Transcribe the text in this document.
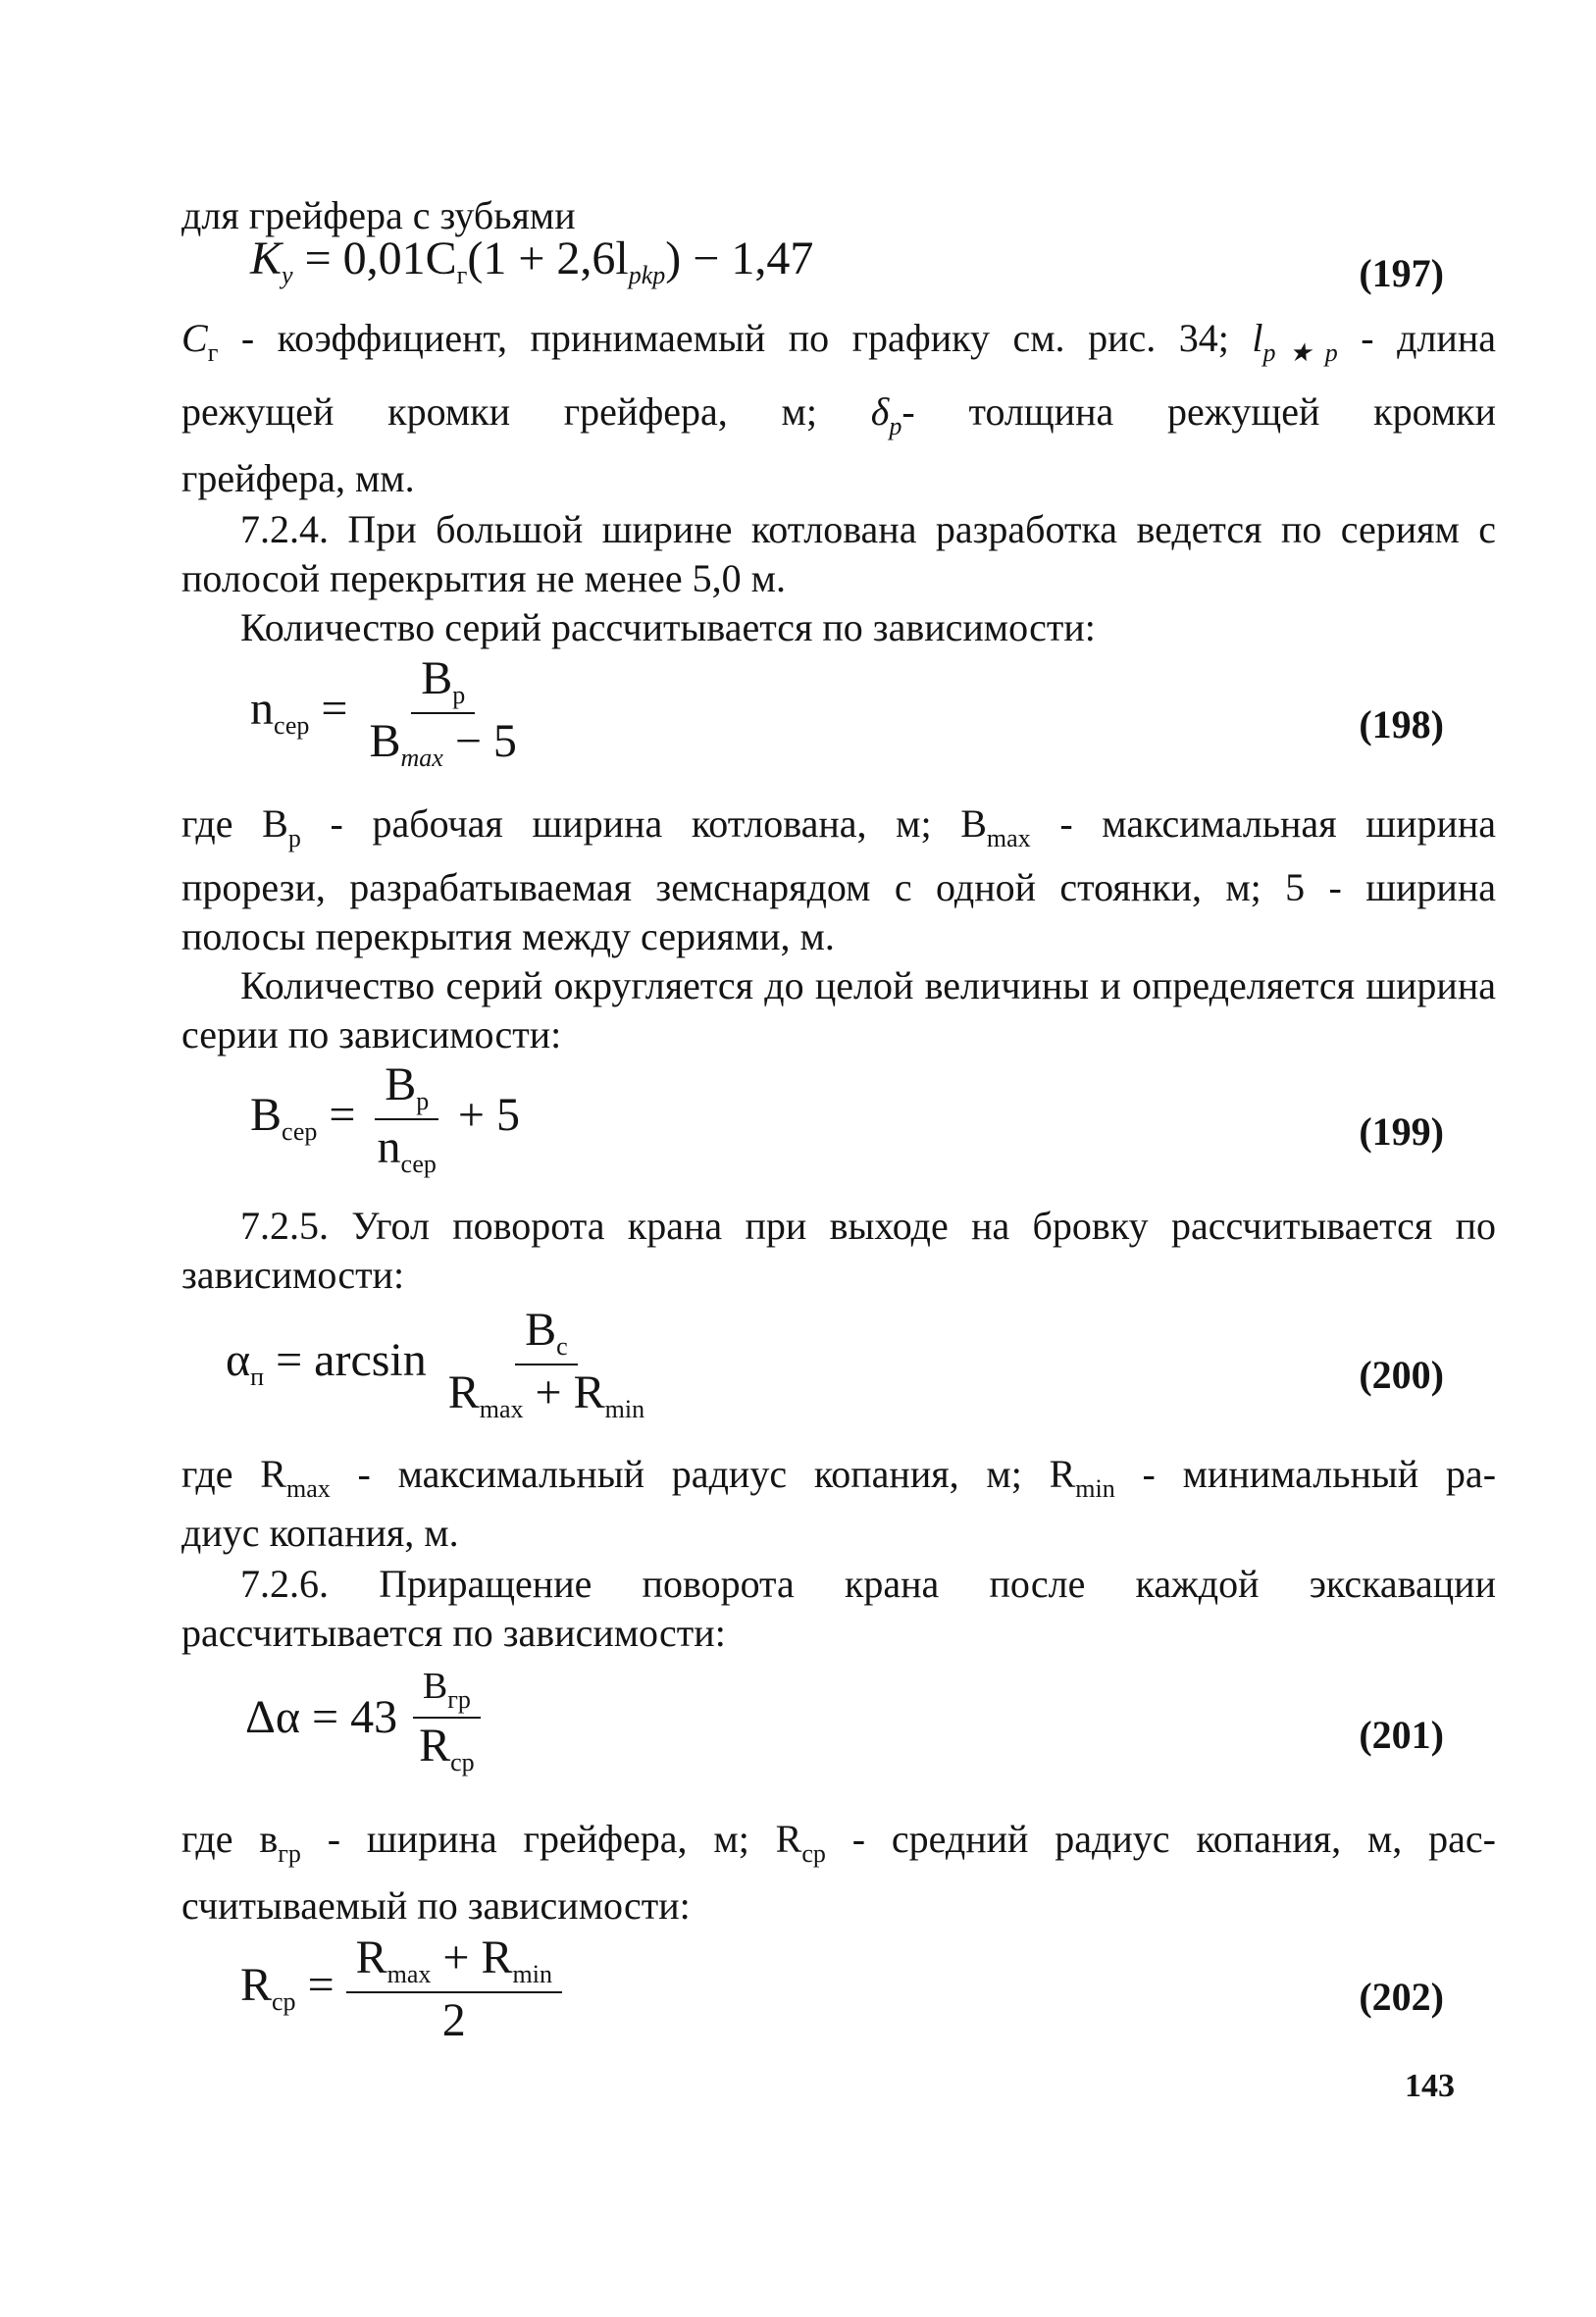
для грейфера с зубьями
$K_y = 0,01C_г(1 + 2,6l_{pkp}) - 1,47$	(197)
$C_г$ - коэффициент, принимаемый по графику см. рис. 34; $l_{p★p}$ - длина
режущей кромки грейфера, м; $\delta_p-$ толщина режущей кромки
грейфера, мм.
7.2.4. При большой ширине котлована разработка ведется по сериям с полосой перекрытия не менее 5,0 м.
Количество серий рассчитывается по зависимости:
$n_{сер} = \frac{B_p}{B_{max} - 5}$	(198)
где $B_p$ - рабочая ширина котлована, м; $B_{max}$ - максимальная ширина
прорези, разрабатываемая земснарядом с одной стоянки, м; 5 - ширина полосы перекрытия между сериями, м.
Количество серий округляется до целой величины и определяется ширина серии по зависимости:
$B_{сер} = \frac{B_p}{n_{сер}} + 5$	(199)
7.2.5. Угол поворота крана при выходе на бровку рассчитывается по зависимости:
$\alpha_п = \arcsin \frac{B_c}{R_{max} + R_{min}}$	(200)
где $R_{max}$ - максимальный радиус копания, м; $R_{min}$ - минимальный ра-
диус копания, м.
7.2.6. Приращение поворота крана после каждой экскавации рассчитывается по зависимости:
$\Delta\alpha = 43 \frac{B_{гр}}{R_{ср}}$	(201)
где $в_{гр}$ - ширина грейфера, м; $R_{ср}$ - средний радиус копания, м, рас-
считываемый по зависимости:
$R_{ср} = \frac{R_{max} + R_{min}}{2}$	(202)
143
